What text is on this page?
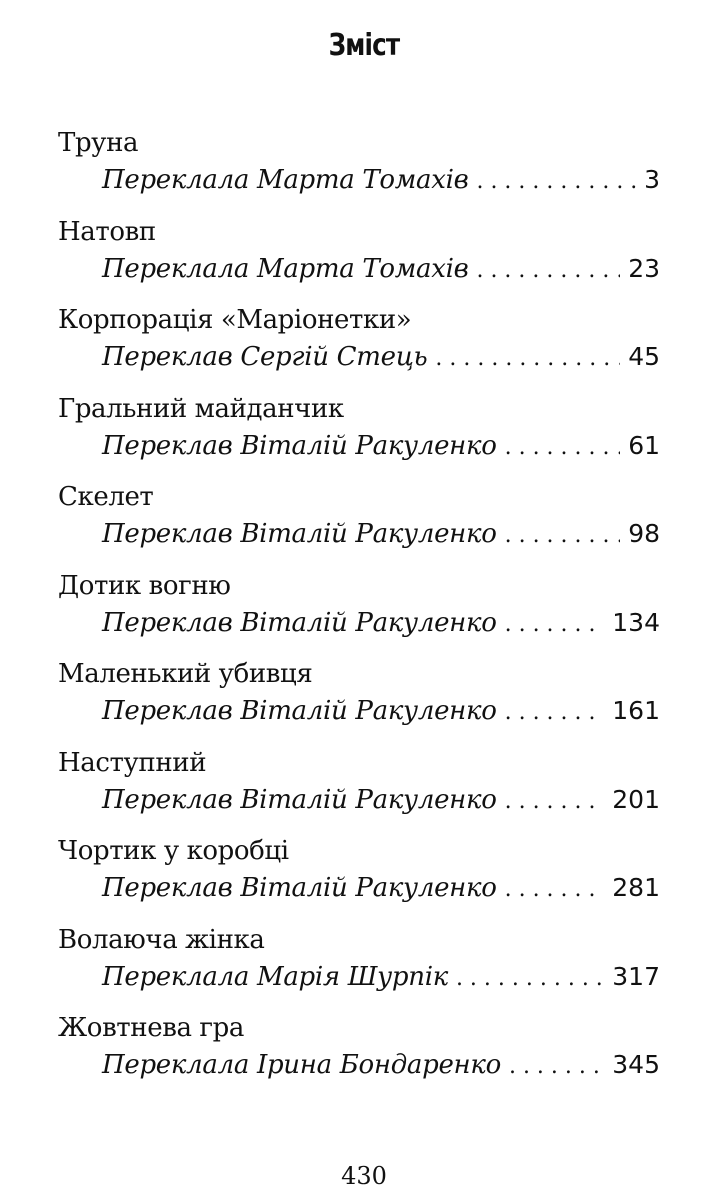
Зміст
Труна
Переклала Марта Томахів . . .	3
Натовп
Переклала Марта Томахів . . .	23
Корпорація «Маріонетки»
Переклав Сергій Стець . . .	45
Гральний майданчик
Переклав Віталій Ракуленко . . .	61
Скелет
Переклав Віталій Ракуленко . . .	98
Дотик вогню
Переклав Віталій Ракуленко . . .	134
Маленький убивця
Переклав Віталій Ракуленко . . .	161
Наступний
Переклав Віталій Ракуленко . . .	201
Чортик у коробці
Переклав Віталій Ракуленко . . .	281
Волаюча жінка
Переклала Марія Шурпік . . .	317
Жовтнева гра
Переклала Ірина Бондаренко . . .	345
430
